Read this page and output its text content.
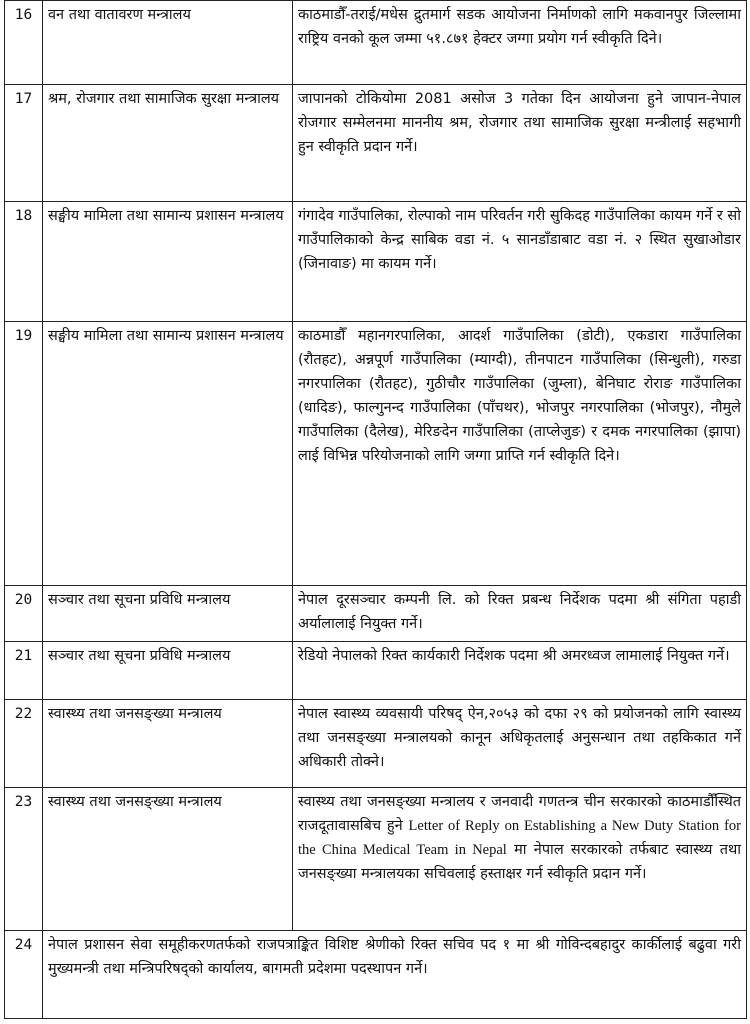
16	वन तथा वातावरण मन्त्रालय	काठमाडौँ-तराई/मधेस द्रुतमार्ग सडक आयोजना निर्माणको लागि मकवानपुर जिल्लामा राष्ट्रिय वनको कूल जम्मा ५१.८७१ हेक्टर जग्गा प्रयोग गर्न स्वीकृति दिने।
17	श्रम, रोजगार तथा सामाजिक सुरक्षा मन्त्रालय	जापानको टोकियोमा 2081 असोज 3 गतेका दिन आयोजना हुने जापान-नेपाल रोजगार सम्मेलनमा माननीय श्रम, रोजगार तथा सामाजिक सुरक्षा मन्त्रीलाई सहभागी हुन स्वीकृति प्रदान गर्ने।
18	सङ्घीय मामिला तथा सामान्य प्रशासन मन्त्रालय	गंगादेव गाउँपालिका, रोल्पाको नाम परिवर्तन गरी सुकिदह गाउँपालिका कायम गर्ने र सो गाउँपालिकाको केन्द्र साबिक वडा नं. ५ सानडाँडाबाट वडा नं. २ स्थित सुखाओडार (जिनावाङ) मा कायम गर्ने।
19	सङ्घीय मामिला तथा सामान्य प्रशासन मन्त्रालय	काठमाडौँ महानगरपालिका, आदर्श गाउँपालिका (डोटी), एकडारा गाउँपालिका (रौतहट), अन्नपूर्ण गाउँपालिका (म्याग्दी), तीनपाटन गाउँपालिका (सिन्धुली), गरुडा नगरपालिका (रौतहट), गुठीचौर गाउँपालिका (जुम्ला), बेनिघाट रोराङ गाउँपालिका (धादिङ), फाल्गुनन्द गाउँपालिका (पाँचथर), भोजपुर नगरपालिका (भोजपुर), नौमुले गाउँपालिका (दैलेख), मेरिङदेन गाउँपालिका (ताप्लेजुङ) र दमक नगरपालिका (झापा) लाई विभिन्न परियोजनाको लागि जग्गा प्राप्ति गर्न स्वीकृति दिने।
20	सञ्चार तथा सूचना प्रविधि मन्त्रालय	नेपाल दूरसञ्चार कम्पनी लि. को रिक्त प्रबन्ध निर्देशक पदमा श्री संगिता पहाडी अर्यालालाई नियुक्त गर्ने।
21	सञ्चार तथा सूचना प्रविधि मन्त्रालय	रेडियो नेपालको रिक्त कार्यकारी निर्देशक पदमा श्री अमरध्वज लामालाई नियुक्त गर्ने।
22	स्वास्थ्य तथा जनसङ्ख्या मन्त्रालय	नेपाल स्वास्थ्य व्यवसायी परिषद् ऐन,२०५३ को दफा २९ को प्रयोजनको लागि स्वास्थ्य तथा जनसङ्ख्या मन्त्रालयको कानून अधिकृतलाई अनुसन्धान तथा तहकिकात गर्ने अधिकारी तोक्ने।
23	स्वास्थ्य तथा जनसङ्ख्या मन्त्रालय	स्वास्थ्य तथा जनसङ्ख्या मन्त्रालय र जनवादी गणतन्त्र चीन सरकारको काठमाडौँस्थित राजदूतावासबिच हुने Letter of Reply on Establishing a New Duty Station for the China Medical Team in Nepal मा नेपाल सरकारको तर्फबाट स्वास्थ्य तथा जनसङ्ख्या मन्त्रालयका सचिवलाई हस्ताक्षर गर्न स्वीकृति प्रदान गर्ने।
24	नेपाल प्रशासन सेवा समूहीकरणतर्फको राजपत्राङ्कित विशिष्ट श्रेणीको रिक्त सचिव पद १ मा श्री गोविन्दबहादुर कार्कीलाई बढुवा गरी मुख्यमन्त्री तथा मन्त्रिपरिषद्को कार्यालय, बागमती प्रदेशमा पदस्थापन गर्ने।	
